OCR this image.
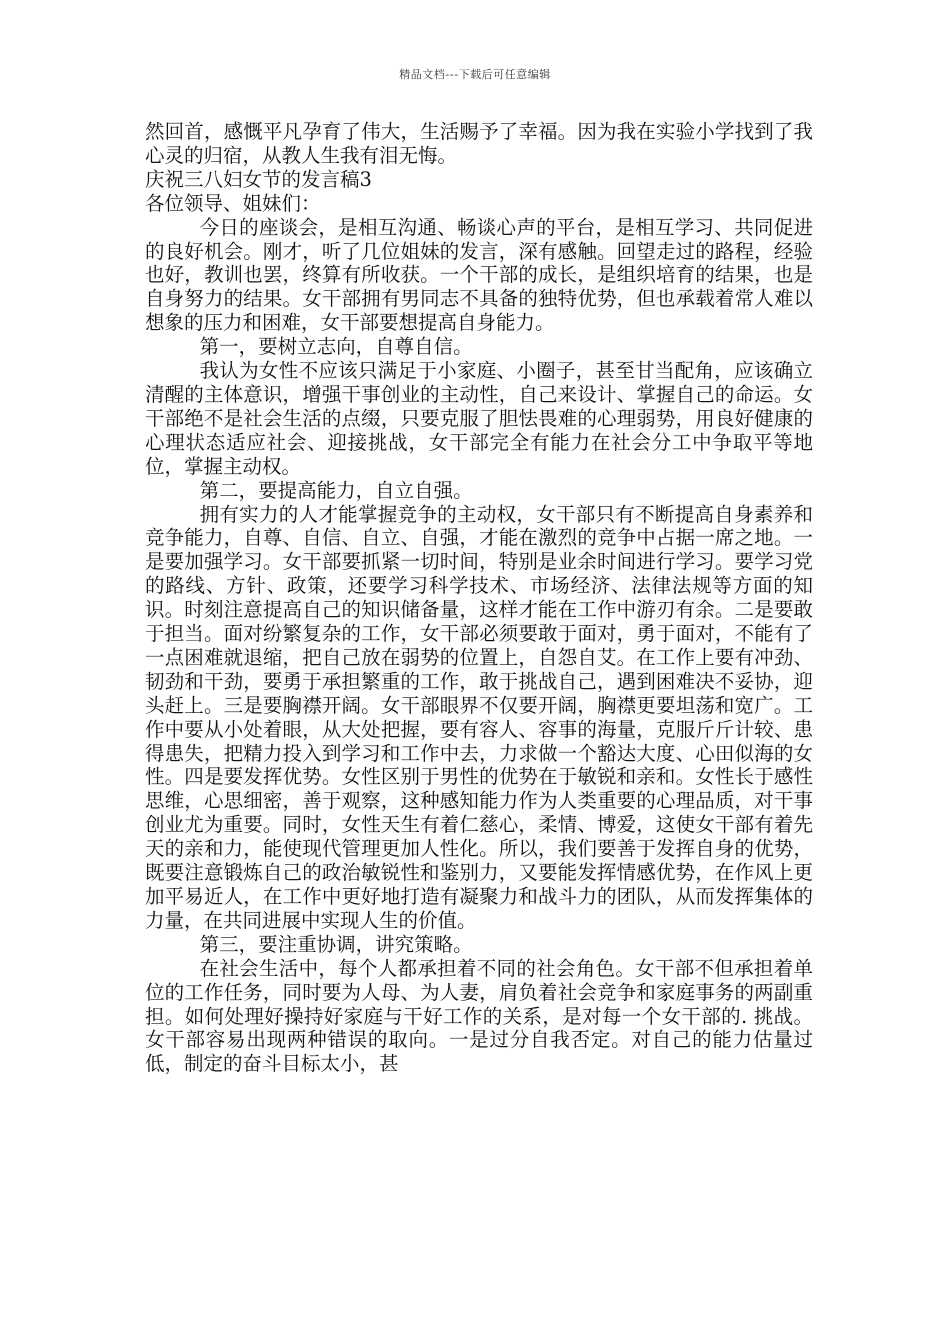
精品文档---下载后可任意编辑

然回首，感慨平凡孕育了伟大，生活赐予了幸福。因为我在实验小学找到了我心灵的归宿，从教人生我有泪无悔。

庆祝三八妇女节的发言稿3

各位领导、姐妹们：

今日的座谈会，是相互沟通、畅谈心声的平台，是相互学习、共同促进的良好机会。刚才，听了几位姐妹的发言，深有感触。回望走过的路程，经验也好，教训也罢，终算有所收获。一个干部的成长，是组织培育的结果，也是自身努力的结果。女干部拥有男同志不具备的独特优势，但也承载着常人难以想象的压力和困难，女干部要想提高自身能力。

第一，要树立志向，自尊自信。

我认为女性不应该只满足于小家庭、小圈子，甚至甘当配角，应该确立清醒的主体意识，增强干事创业的主动性，自己来设计、掌握自己的命运。女干部绝不是社会生活的点缀，只要克服了胆怯畏难的心理弱势，用良好健康的心理状态适应社会、迎接挑战，女干部完全有能力在社会分工中争取平等地位，掌握主动权。

第二，要提高能力，自立自强。

拥有实力的人才能掌握竞争的主动权，女干部只有不断提高自身素养和竞争能力，自尊、自信、自立、自强，才能在激烈的竞争中占据一席之地。一是要加强学习。女干部要抓紧一切时间，特别是业余时间进行学习。要学习党的路线、方针、政策，还要学习科学技术、市场经济、法律法规等方面的知识。时刻注意提高自己的知识储备量，这样才能在工作中游刃有余。二是要敢于担当。面对纷繁复杂的工作，女干部必须要敢于面对，勇于面对，不能有了一点困难就退缩，把自己放在弱势的位置上，自怨自艾。在工作上要有冲劲、韧劲和干劲，要勇于承担繁重的工作，敢于挑战自己，遇到困难决不妥协，迎头赶上。三是要胸襟开阔。女干部眼界不仅要开阔，胸襟更要坦荡和宽广。工作中要从小处着眼，从大处把握，要有容人、容事的海量，克服斤斤计较、患得患失，把精力投入到学习和工作中去，力求做一个豁达大度、心田似海的女性。四是要发挥优势。女性区别于男性的优势在于敏锐和亲和。女性长于感性思维，心思细密，善于观察，这种感知能力作为人类重要的心理品质，对干事创业尤为重要。同时，女性天生有着仁慈心，柔情、博爱，这使女干部有着先天的亲和力，能使现代管理更加人性化。所以，我们要善于发挥自身的优势，既要注意锻炼自己的政治敏锐性和鉴别力，又要能发挥情感优势，在作风上更加平易近人，在工作中更好地打造有凝聚力和战斗力的团队，从而发挥集体的力量，在共同进展中实现人生的价值。

第三，要注重协调，讲究策略。

在社会生活中，每个人都承担着不同的社会角色。女干部不但承担着单位的工作任务，同时要为人母、为人妻，肩负着社会竞争和家庭事务的两副重担。如何处理好操持好家庭与干好工作的关系，是对每一个女干部的. 挑战。女干部容易出现两种错误的取向。一是过分自我否定。对自己的能力估量过低，制定的奋斗目标太小，甚
